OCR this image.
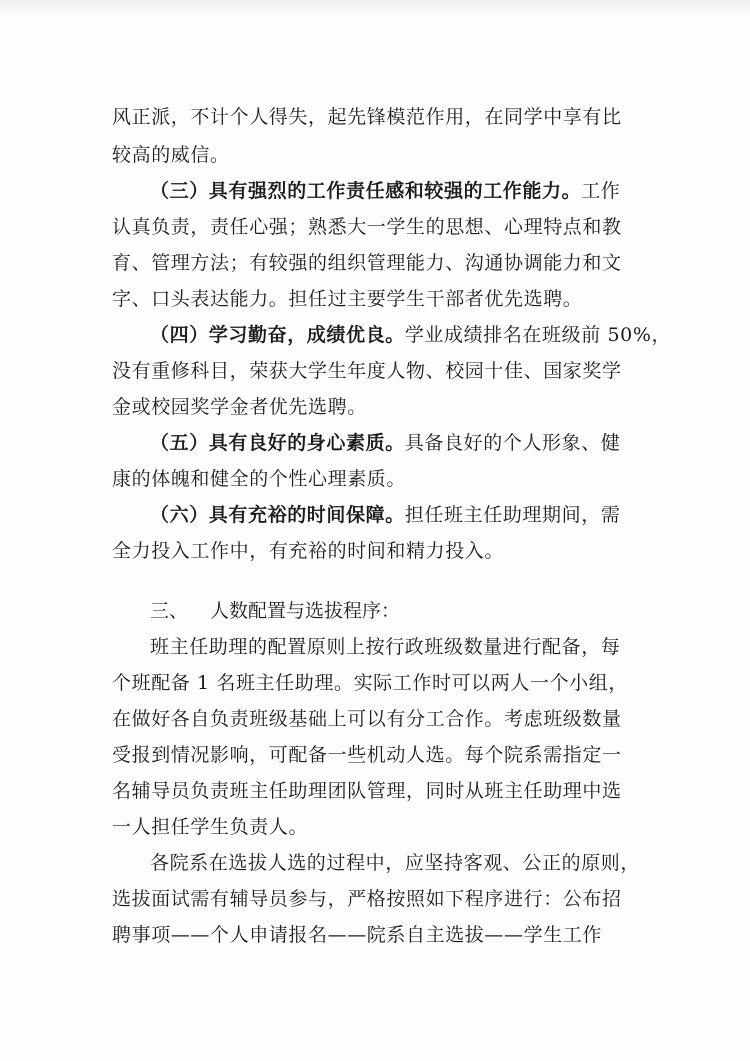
风正派，不计个人得失，起先锋模范作用，在同学中享有比
较高的威信。
（三）具有强烈的工作责任感和较强的工作能力。工作
认真负责，责任心强；熟悉大一学生的思想、心理特点和教
育、管理方法；有较强的组织管理能力、沟通协调能力和文
字、口头表达能力。担任过主要学生干部者优先选聘。
（四）学习勤奋，成绩优良。学业成绩排名在班级前 50%，
没有重修科目，荣获大学生年度人物、校园十佳、国家奖学
金或校园奖学金者优先选聘。
（五）具有良好的身心素质。具备良好的个人形象、健
康的体魄和健全的个性心理素质。
（六）具有充裕的时间保障。担任班主任助理期间，需
全力投入工作中，有充裕的时间和精力投入。
三、 人数配置与选拔程序：
班主任助理的配置原则上按行政班级数量进行配备，每
个班配备 1 名班主任助理。实际工作时可以两人一个小组，
在做好各自负责班级基础上可以有分工合作。考虑班级数量
受报到情况影响，可配备一些机动人选。每个院系需指定一
名辅导员负责班主任助理团队管理，同时从班主任助理中选
一人担任学生负责人。
各院系在选拔人选的过程中，应坚持客观、公正的原则，
选拔面试需有辅导员参与，严格按照如下程序进行：公布招
聘事项——个人申请报名——院系自主选拔——学生工作
